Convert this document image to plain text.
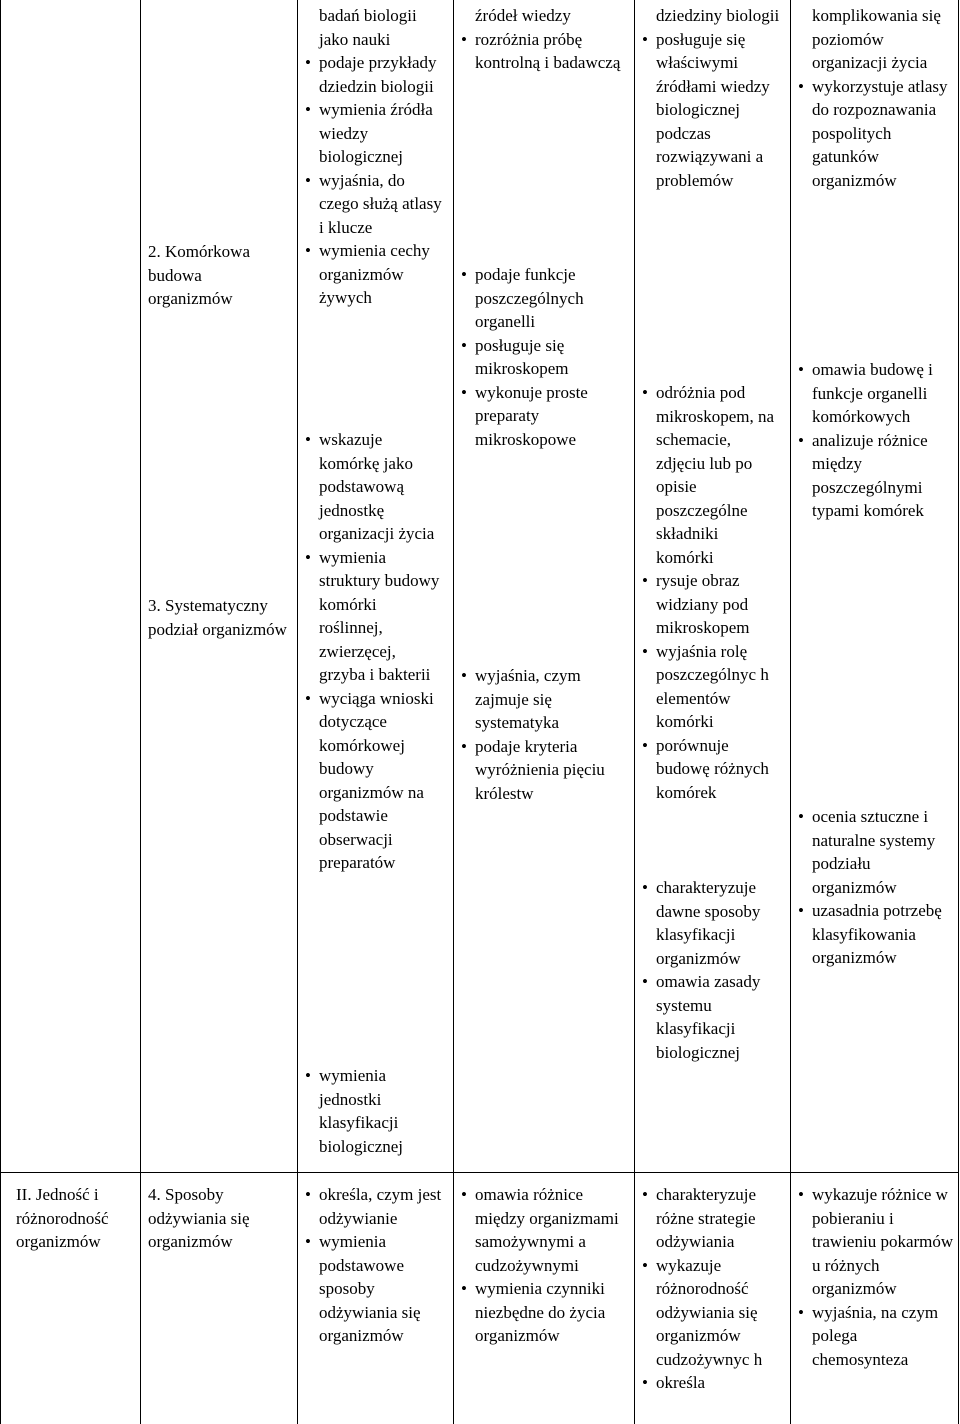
2. Komórkowa budowa organizmów
3. Systematyczny podział organizmów
4. Sposoby odżywiania się organizmów
II. Jedność i różnorodność organizmów
badań biologii jako nauki
• podaje przykłady dziedzin biologii
• wymienia źródła wiedzy biologicznej
• wyjaśnia, do czego służą atlasy i klucze
• wymienia cechy organizmów żywych
• wskazuje komórkę jako podstawową jednostkę organizacji życia
• wymienia struktury budowy komórki roślinnej, zwierzęcej, grzyba i bakterii
• wyciąga wnioski dotyczące komórkowej budowy organizmów na podstawie obserwacji preparatów
• wymienia jednostki klasyfikacji biologicznej
• określa, czym jest odżywianie
• wymienia podstawowe sposoby odżywiania się organizmów
źródeł wiedzy
• rozróżnia próbę kontrolną i badawczą
• podaje funkcje poszczególnych organelli
• posługuje się mikroskopem
• wykonuje proste preparaty mikroskopowe
• wyjaśnia, czym zajmuje się systematyka
• podaje kryteria wyróżnienia pięciu królestw
• omawia różnice między organizmami samożywnymi a cudzożywnymi
• wymienia czynniki niezbędne do życia organizmów
dziedziny biologii
• posługuje się właściwymi źródłami wiedzy biologicznej podczas rozwiązywani a problemów
• odróżnia pod mikroskopem, na schemacie, zdjęciu lub po opisie poszczególne składniki komórki
• rysuje obraz widziany pod mikroskopem
• wyjaśnia rolę poszczególnyc h elementów komórki
• porównuje budowę różnych komórek
• charakteryzuje dawne sposoby klasyfikacji organizmów
• omawia zasady systemu klasyfikacji biologicznej
• charakteryzuje różne strategie odżywiania
• wykazuje różnorodność odżywiania się organizmów cudzożywnyc h
• określa
komplikowania się poziomów organizacji życia
• wykorzystuje atlasy do rozpoznawania pospolitych gatunków organizmów
• omawia budowę i funkcje organelli komórkowych
• analizuje różnice między poszczególnymi typami komórek
• ocenia sztuczne i naturalne systemy podziału organizmów
• uzasadnia potrzebę klasyfikowania organizmów
• wykazuje różnice w pobieraniu i trawieniu pokarmów u różnych organizmów
• wyjaśnia, na czym polega chemosynteza
